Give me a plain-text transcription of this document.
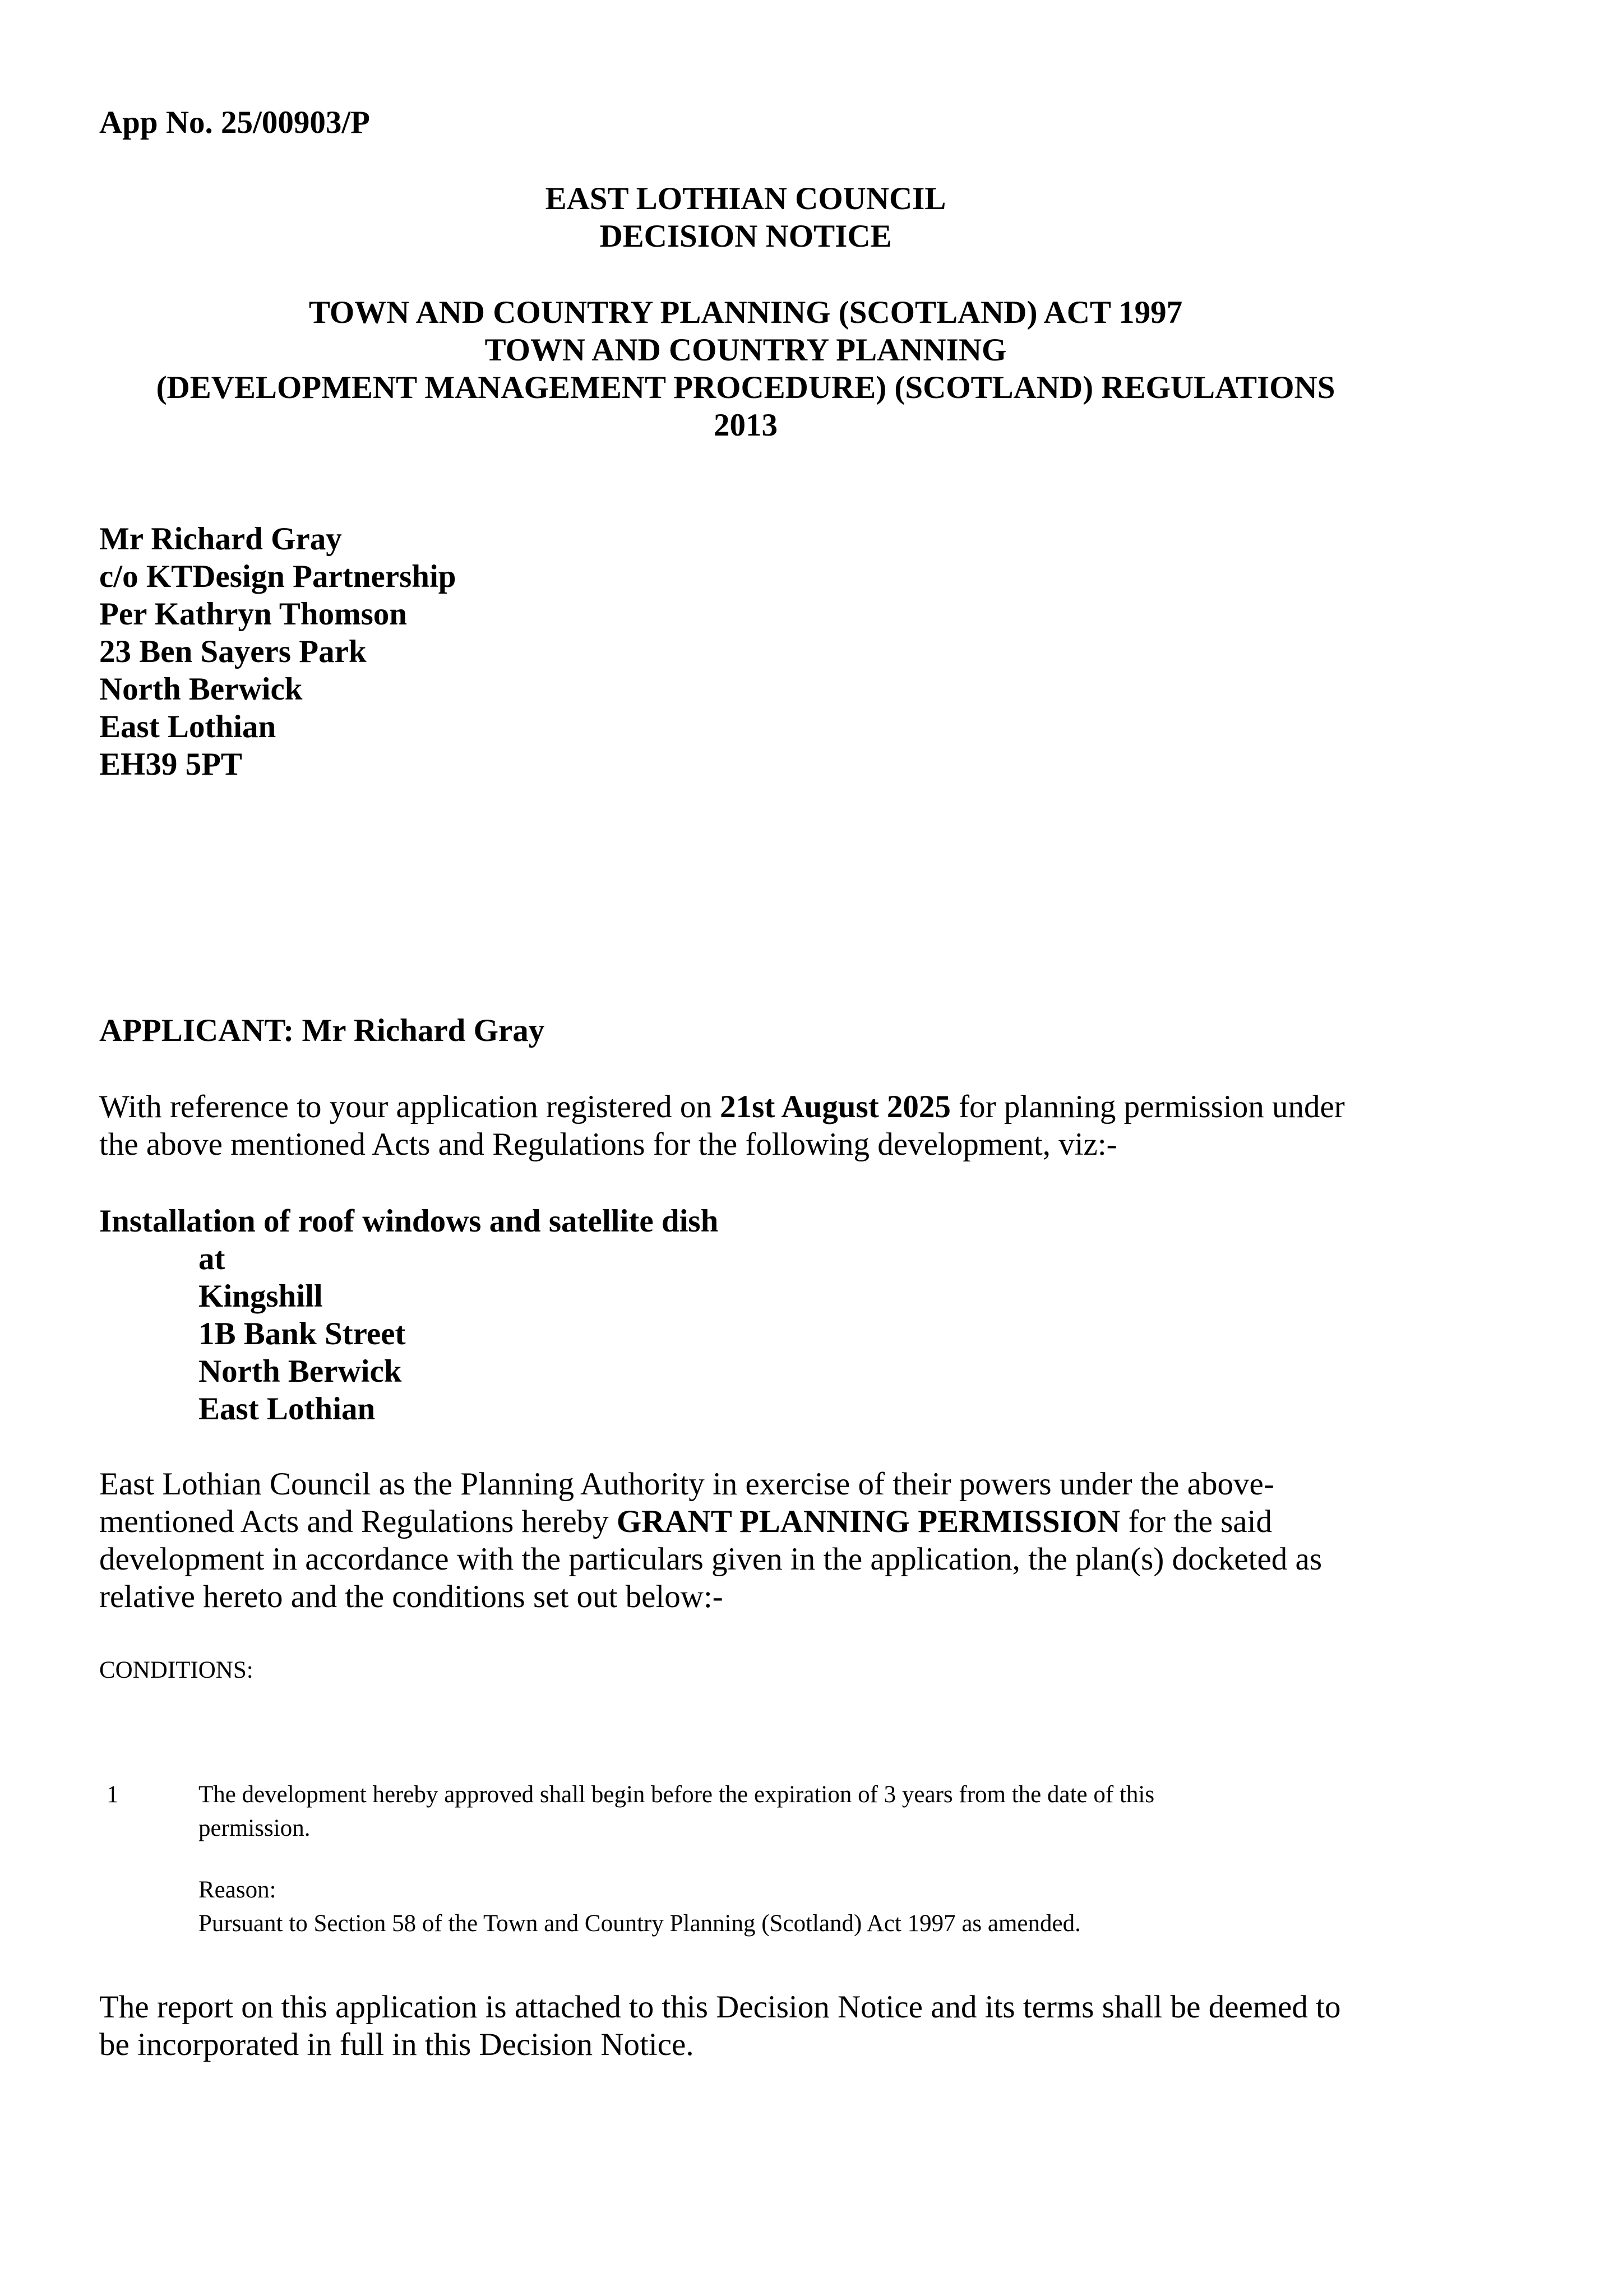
App No. 25/00903/P
EAST LOTHIAN COUNCIL
DECISION NOTICE
TOWN AND COUNTRY PLANNING (SCOTLAND) ACT 1997
TOWN AND COUNTRY PLANNING
(DEVELOPMENT MANAGEMENT PROCEDURE) (SCOTLAND) REGULATIONS
2013
Mr Richard Gray
c/o KTDesign Partnership
Per Kathryn Thomson
23 Ben Sayers Park
North Berwick
East Lothian
EH39 5PT
APPLICANT: Mr Richard Gray
With reference to your application registered on 21st August 2025 for planning permission under
the above mentioned Acts and Regulations for the following development, viz:-
Installation of roof windows and satellite dish
at
Kingshill
1B Bank Street
North Berwick
East Lothian
East Lothian Council as the Planning Authority in exercise of their powers under the above-
mentioned Acts and Regulations hereby GRANT PLANNING PERMISSION for the said
development in accordance with the particulars given in the application, the plan(s) docketed as
relative hereto and the conditions set out below:-
CONDITIONS:
1	The development hereby approved shall begin before the expiration of 3 years from the date of this
permission.
Reason:
Pursuant to Section 58 of the Town and Country Planning (Scotland) Act 1997 as amended.
The report on this application is attached to this Decision Notice and its terms shall be deemed to
be incorporated in full in this Decision Notice.
